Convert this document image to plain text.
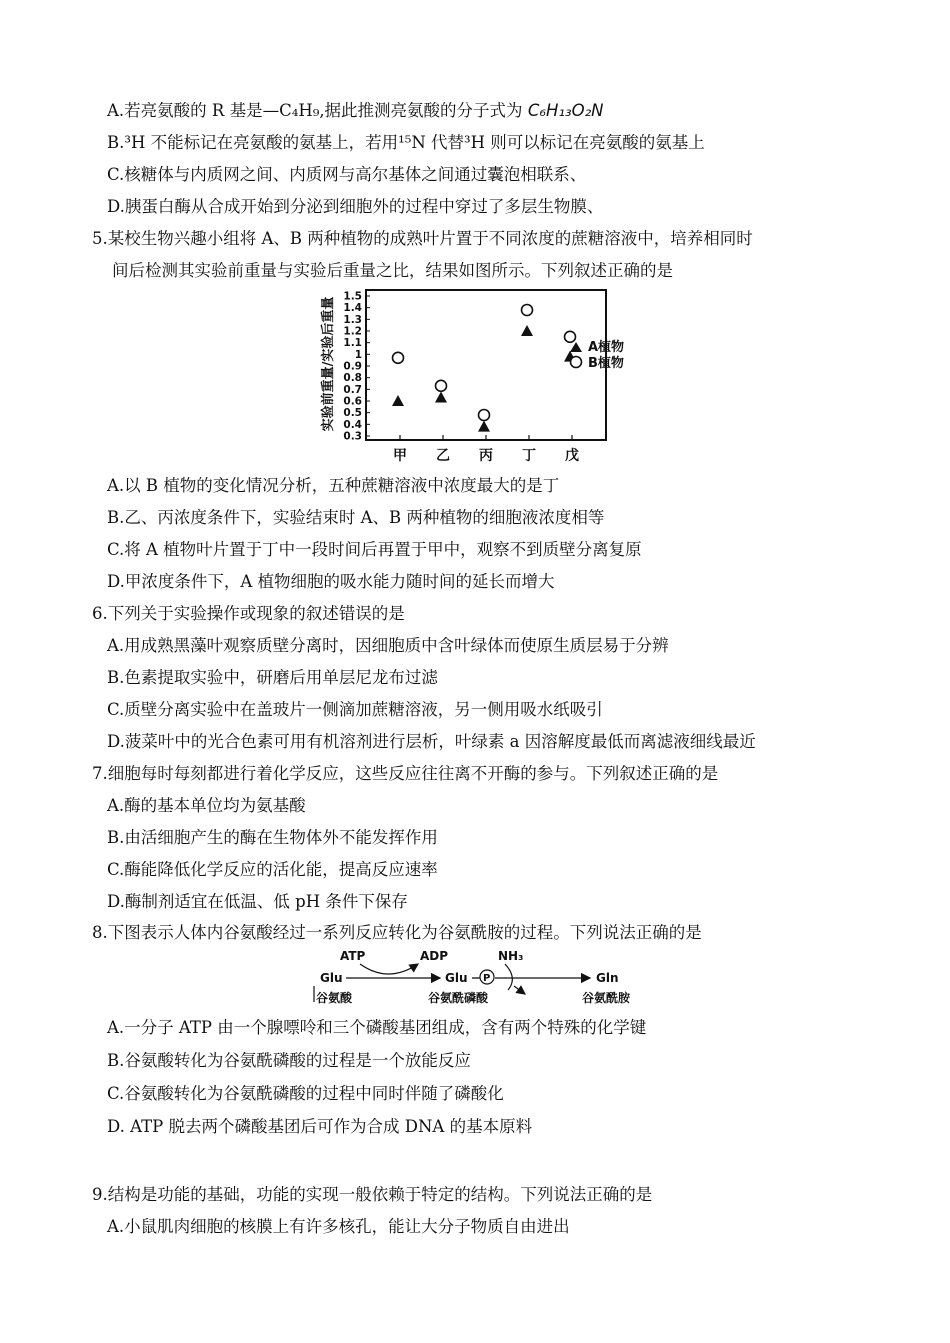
A.若亮氨酸的 R 基是—C₄H₉,据此推测亮氨酸的分子式为 C₆H₁₃O₂N
B.³H 不能标记在亮氨酸的氨基上，若用¹⁵N 代替³H 则可以标记在亮氨酸的氨基上
C.核糖体与内质网之间、内质网与高尔基体之间通过囊泡相联系、
D.胰蛋白酶从合成开始到分泌到细胞外的过程中穿过了多层生物膜、
5.某校生物兴趣小组将 A、B 两种植物的成熟叶片置于不同浓度的蔗糖溶液中，培养相同时
间后检测其实验前重量与实验后重量之比，结果如图所示。下列叙述正确的是
实验前重量/实验后重量
0.3
0.4
0.5
0.6
0.7
0.8
0.9
1
1.1
1.2
1.3
1.4
1.5
甲 乙 丙 丁 戊
A植物
B植物
A.以 B 植物的变化情况分析，五种蔗糖溶液中浓度最大的是丁
B.乙、丙浓度条件下，实验结束时 A、B 两种植物的细胞液浓度相等
C.将 A 植物叶片置于丁中一段时间后再置于甲中，观察不到质壁分离复原
D.甲浓度条件下，A 植物细胞的吸水能力随时间的延长而增大
6.下列关于实验操作或现象的叙述错误的是
A.用成熟黑藻叶观察质壁分离时，因细胞质中含叶绿体而使原生质层易于分辨
B.色素提取实验中，研磨后用单层尼龙布过滤
C.质壁分离实验中在盖玻片一侧滴加蔗糖溶液，另一侧用吸水纸吸引
D.菠菜叶中的光合色素可用有机溶剂进行层析，叶绿素 a 因溶解度最低而离滤液细线最近
7.细胞每时每刻都进行着化学反应，这些反应往往离不开酶的参与。下列叙述正确的是
A.酶的基本单位均为氨基酸
B.由活细胞产生的酶在生物体外不能发挥作用
C.酶能降低化学反应的活化能，提高反应速率
D.酶制剂适宜在低温、低 pH 条件下保存
8.下图表示人体内谷氨酸经过一系列反应转化为谷氨酰胺的过程。下列说法正确的是
ATP	ADP	NH₃
Glu	Glu	Gln
P
谷氨酸	谷氨酰磷酸	谷氨酰胺
A.一分子 ATP 由一个腺嘌呤和三个磷酸基团组成，含有两个特殊的化学键
B.谷氨酸转化为谷氨酰磷酸的过程是一个放能反应
C.谷氨酸转化为谷氨酰磷酸的过程中同时伴随了磷酸化
D. ATP 脱去两个磷酸基团后可作为合成 DNA 的基本原料
9.结构是功能的基础，功能的实现一般依赖于特定的结构。下列说法正确的是
A.小鼠肌肉细胞的核膜上有许多核孔，能让大分子物质自由进出
